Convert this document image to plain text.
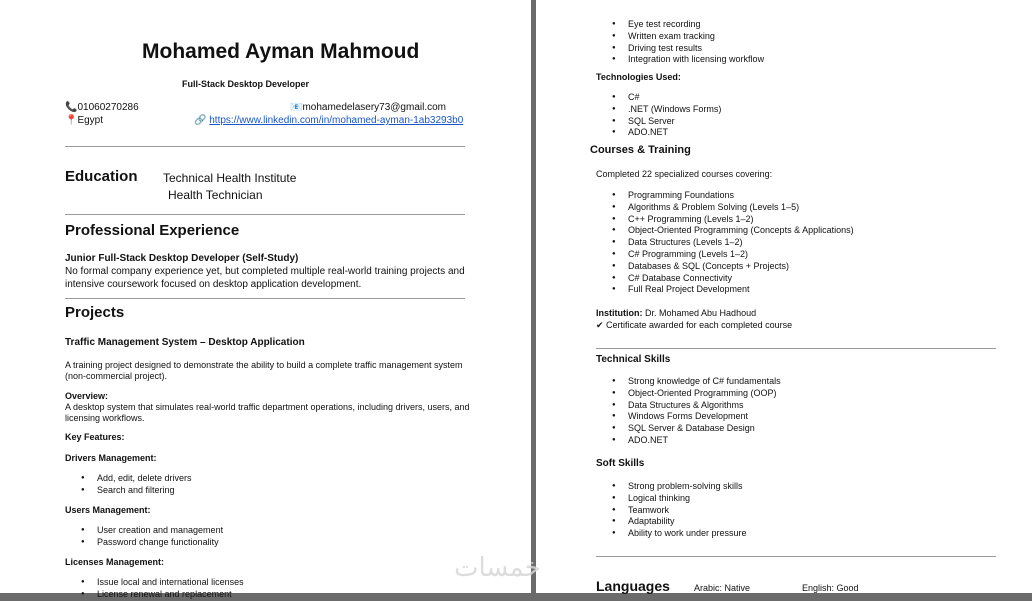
Mohamed Ayman Mahmoud
Full-Stack Desktop Developer
📞01060270286
📍Egypt
📧mohamedelasery73@gmail.com
🔗 https://www.linkedin.com/in/mohamed-ayman-1ab3293b0
Education Technical Health Institute
Health Technician
Professional Experience
Junior Full-Stack Desktop Developer (Self-Study)
No formal company experience yet, but completed multiple real-world training projects and
intensive coursework focused on desktop application development.
Projects
Traffic Management System – Desktop Application
A training project designed to demonstrate the ability to build a complete traffic management system
(non-commercial project).
Overview:
A desktop system that simulates real-world traffic department operations, including drivers, users, and
licensing workflows.
Key Features:
Drivers Management:
● Add, edit, delete drivers
● Search and filtering
Users Management:
● User creation and management
● Password change functionality
Licenses Management:
● Issue local and international licenses
● License renewal and replacement
● Eye test recording
● Written exam tracking
● Driving test results
● Integration with licensing workflow
Technologies Used:
● C#
● .NET (Windows Forms)
● SQL Server
● ADO.NET
Courses & Training
Completed 22 specialized courses covering:
● Programming Foundations
● Algorithms & Problem Solving (Levels 1–5)
● C++ Programming (Levels 1–2)
● Object-Oriented Programming (Concepts & Applications)
● Data Structures (Levels 1–2)
● C# Programming (Levels 1–2)
● Databases & SQL (Concepts + Projects)
● C# Database Connectivity
● Full Real Project Development
Institution: Dr. Mohamed Abu Hadhoud
✔ Certificate awarded for each completed course
Technical Skills
● Strong knowledge of C# fundamentals
● Object-Oriented Programming (OOP)
● Data Structures & Algorithms
● Windows Forms Development
● SQL Server & Database Design
● ADO.NET
Soft Skills
● Strong problem-solving skills
● Logical thinking
● Teamwork
● Adaptability
● Ability to work under pressure
Languages	Arabic: Native	English: Good
خمسات
